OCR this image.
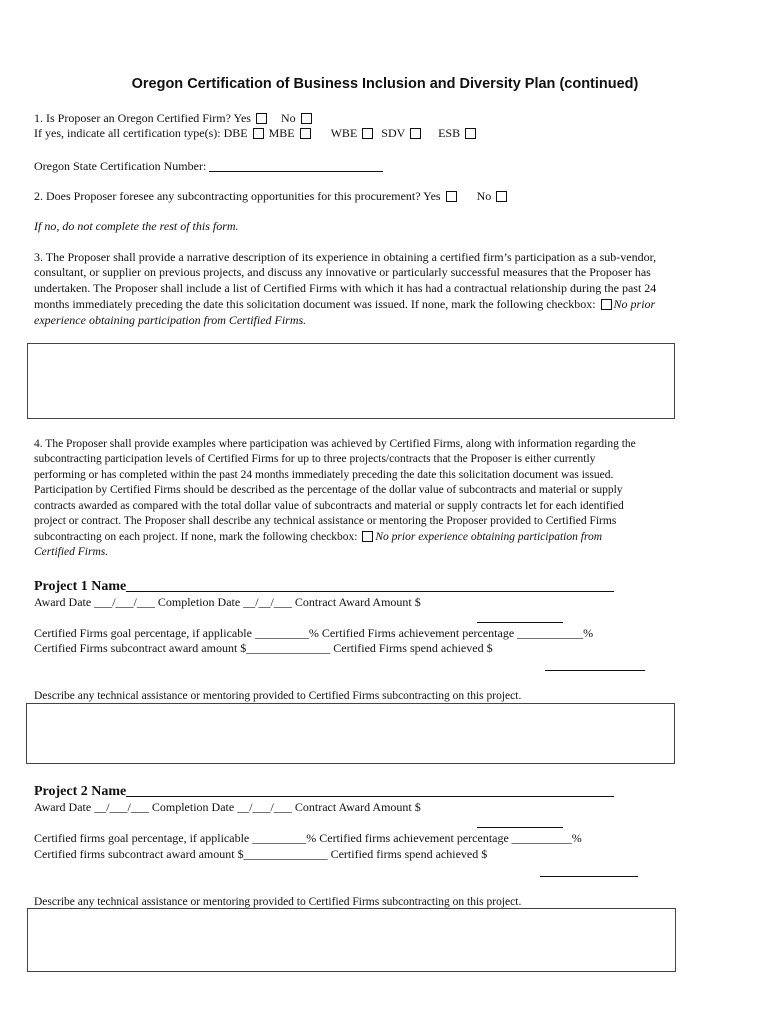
Oregon Certification of Business Inclusion and Diversity Plan (continued)
1. Is Proposer an Oregon Certified Firm? Yes	No
If yes, indicate all certification type(s): DBE MBE	WBE SDV	ESB
Oregon State Certification Number:
2. Does Proposer foresee any subcontracting opportunities for this procurement? Yes	No
If no, do not complete the rest of this form.
3. The Proposer shall provide a narrative description of its experience in obtaining a certified firm’s participation as a sub-vendor,
consultant, or supplier on previous projects, and discuss any innovative or particularly successful measures that the Proposer has
undertaken. The Proposer shall include a list of Certified Firms with which it has had a contractual relationship during the past 24
months immediately preceding the date this solicitation document was issued. If none, mark the following checkbox: No prior
experience obtaining participation from Certified Firms.
4. The Proposer shall provide examples where participation was achieved by Certified Firms, along with information regarding the
subcontracting participation levels of Certified Firms for up to three projects/contracts that the Proposer is either currently
performing or has completed within the past 24 months immediately preceding the date this solicitation document was issued.
Participation by Certified Firms should be described as the percentage of the dollar value of subcontracts and material or supply
contracts awarded as compared with the total dollar value of subcontracts and material or supply contracts let for each identified
project or contract. The Proposer shall describe any technical assistance or mentoring the Proposer provided to Certified Firms
subcontracting on each project. If none, mark the following checkbox: No prior experience obtaining participation from
Certified Firms.
Project 1 Name
Award Date ___/___/___ Completion Date __/__/___ Contract Award Amount $
Certified Firms goal percentage, if applicable _________% Certified Firms achievement percentage ___________%
Certified Firms subcontract award amount $______________ Certified Firms spend achieved $
Describe any technical assistance or mentoring provided to Certified Firms subcontracting on this project.
Project 2 Name
Award Date __/___/___ Completion Date __/___/___ Contract Award Amount $
Certified firms goal percentage, if applicable _________% Certified firms achievement percentage __________%
Certified firms subcontract award amount $______________ Certified firms spend achieved $
Describe any technical assistance or mentoring provided to Certified Firms subcontracting on this project.
